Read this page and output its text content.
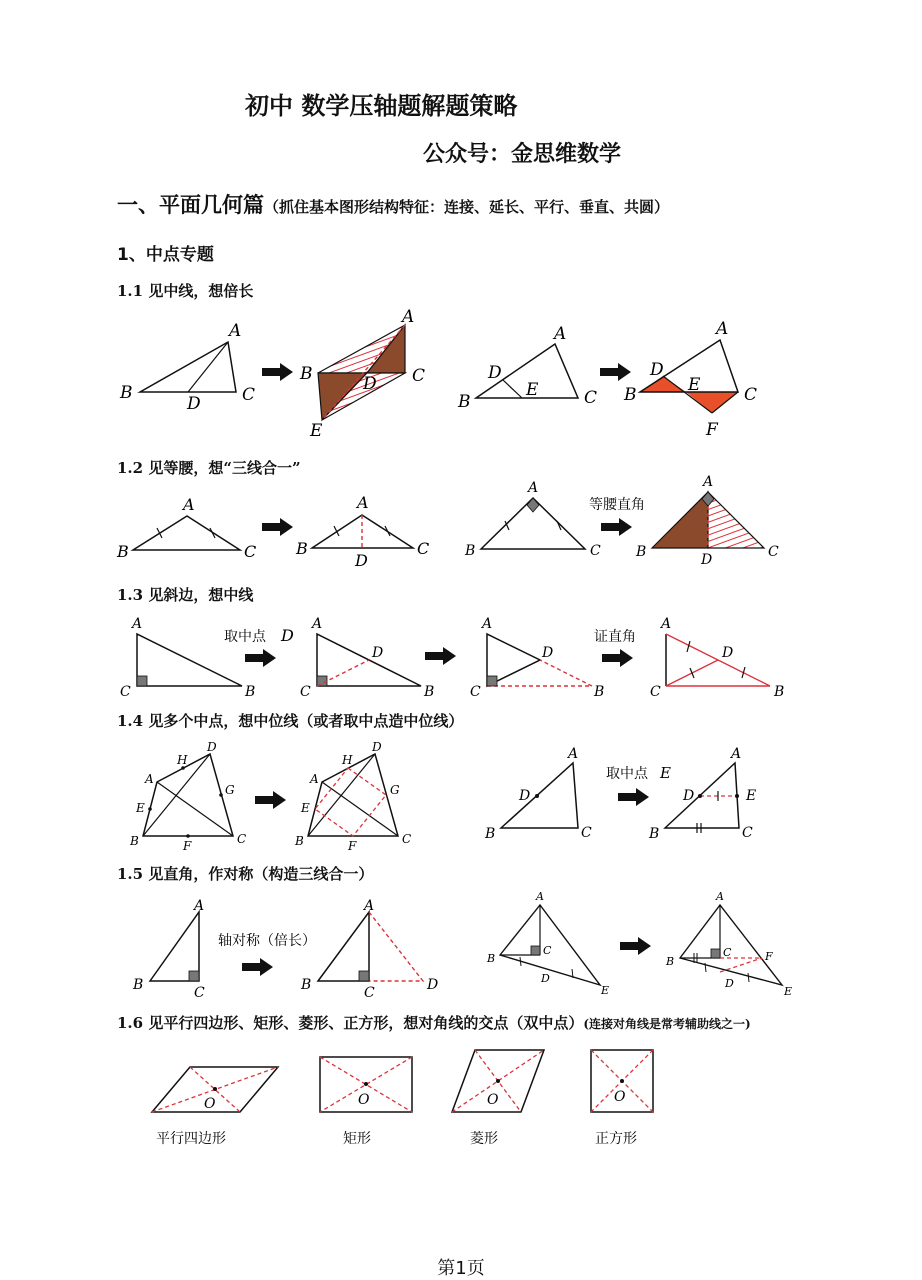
初中 数学压轴题解题策略
公众号：金思维数学
一、平面几何篇（抓住基本图形结构特征：连接、延长、平行、垂直、共圆）
1、中点专题
1.1 见中线，想倍长
1.2 见等腰，想“三线合一”
1.3 见斜边，想中线
1.4 见多个中点，想中位线（或者取中点造中位线）
1.5 见直角，作对称（构造三线合一）
1.6 见平行四边形、矩形、菱形、正方形，想对角线的交点（双中点）(连接对角线是常考辅助线之一)
A
B
D C
A
B	D C
E
A
B
D
E	C
A
B
D
E	C
F
A
B	C
A
B	C
D
A
B	C
等腰直角
A
B	C
D
A
C	B
取中点 D
A
C	B
D
A
C	B
D
证直角
A
C	B
D
A
H
D
G
E
B	F	C
A
H
D
G
E
B	F	C
A
B	C
D
取中点 E
A
B	C
D	E
A
B	C
轴对称（倍长）
A
B	C	D
A
B
C
D
E
A
B
C
D
E
F
O	O	O	O
平行四边形	矩形	菱形	正方形
第1页
